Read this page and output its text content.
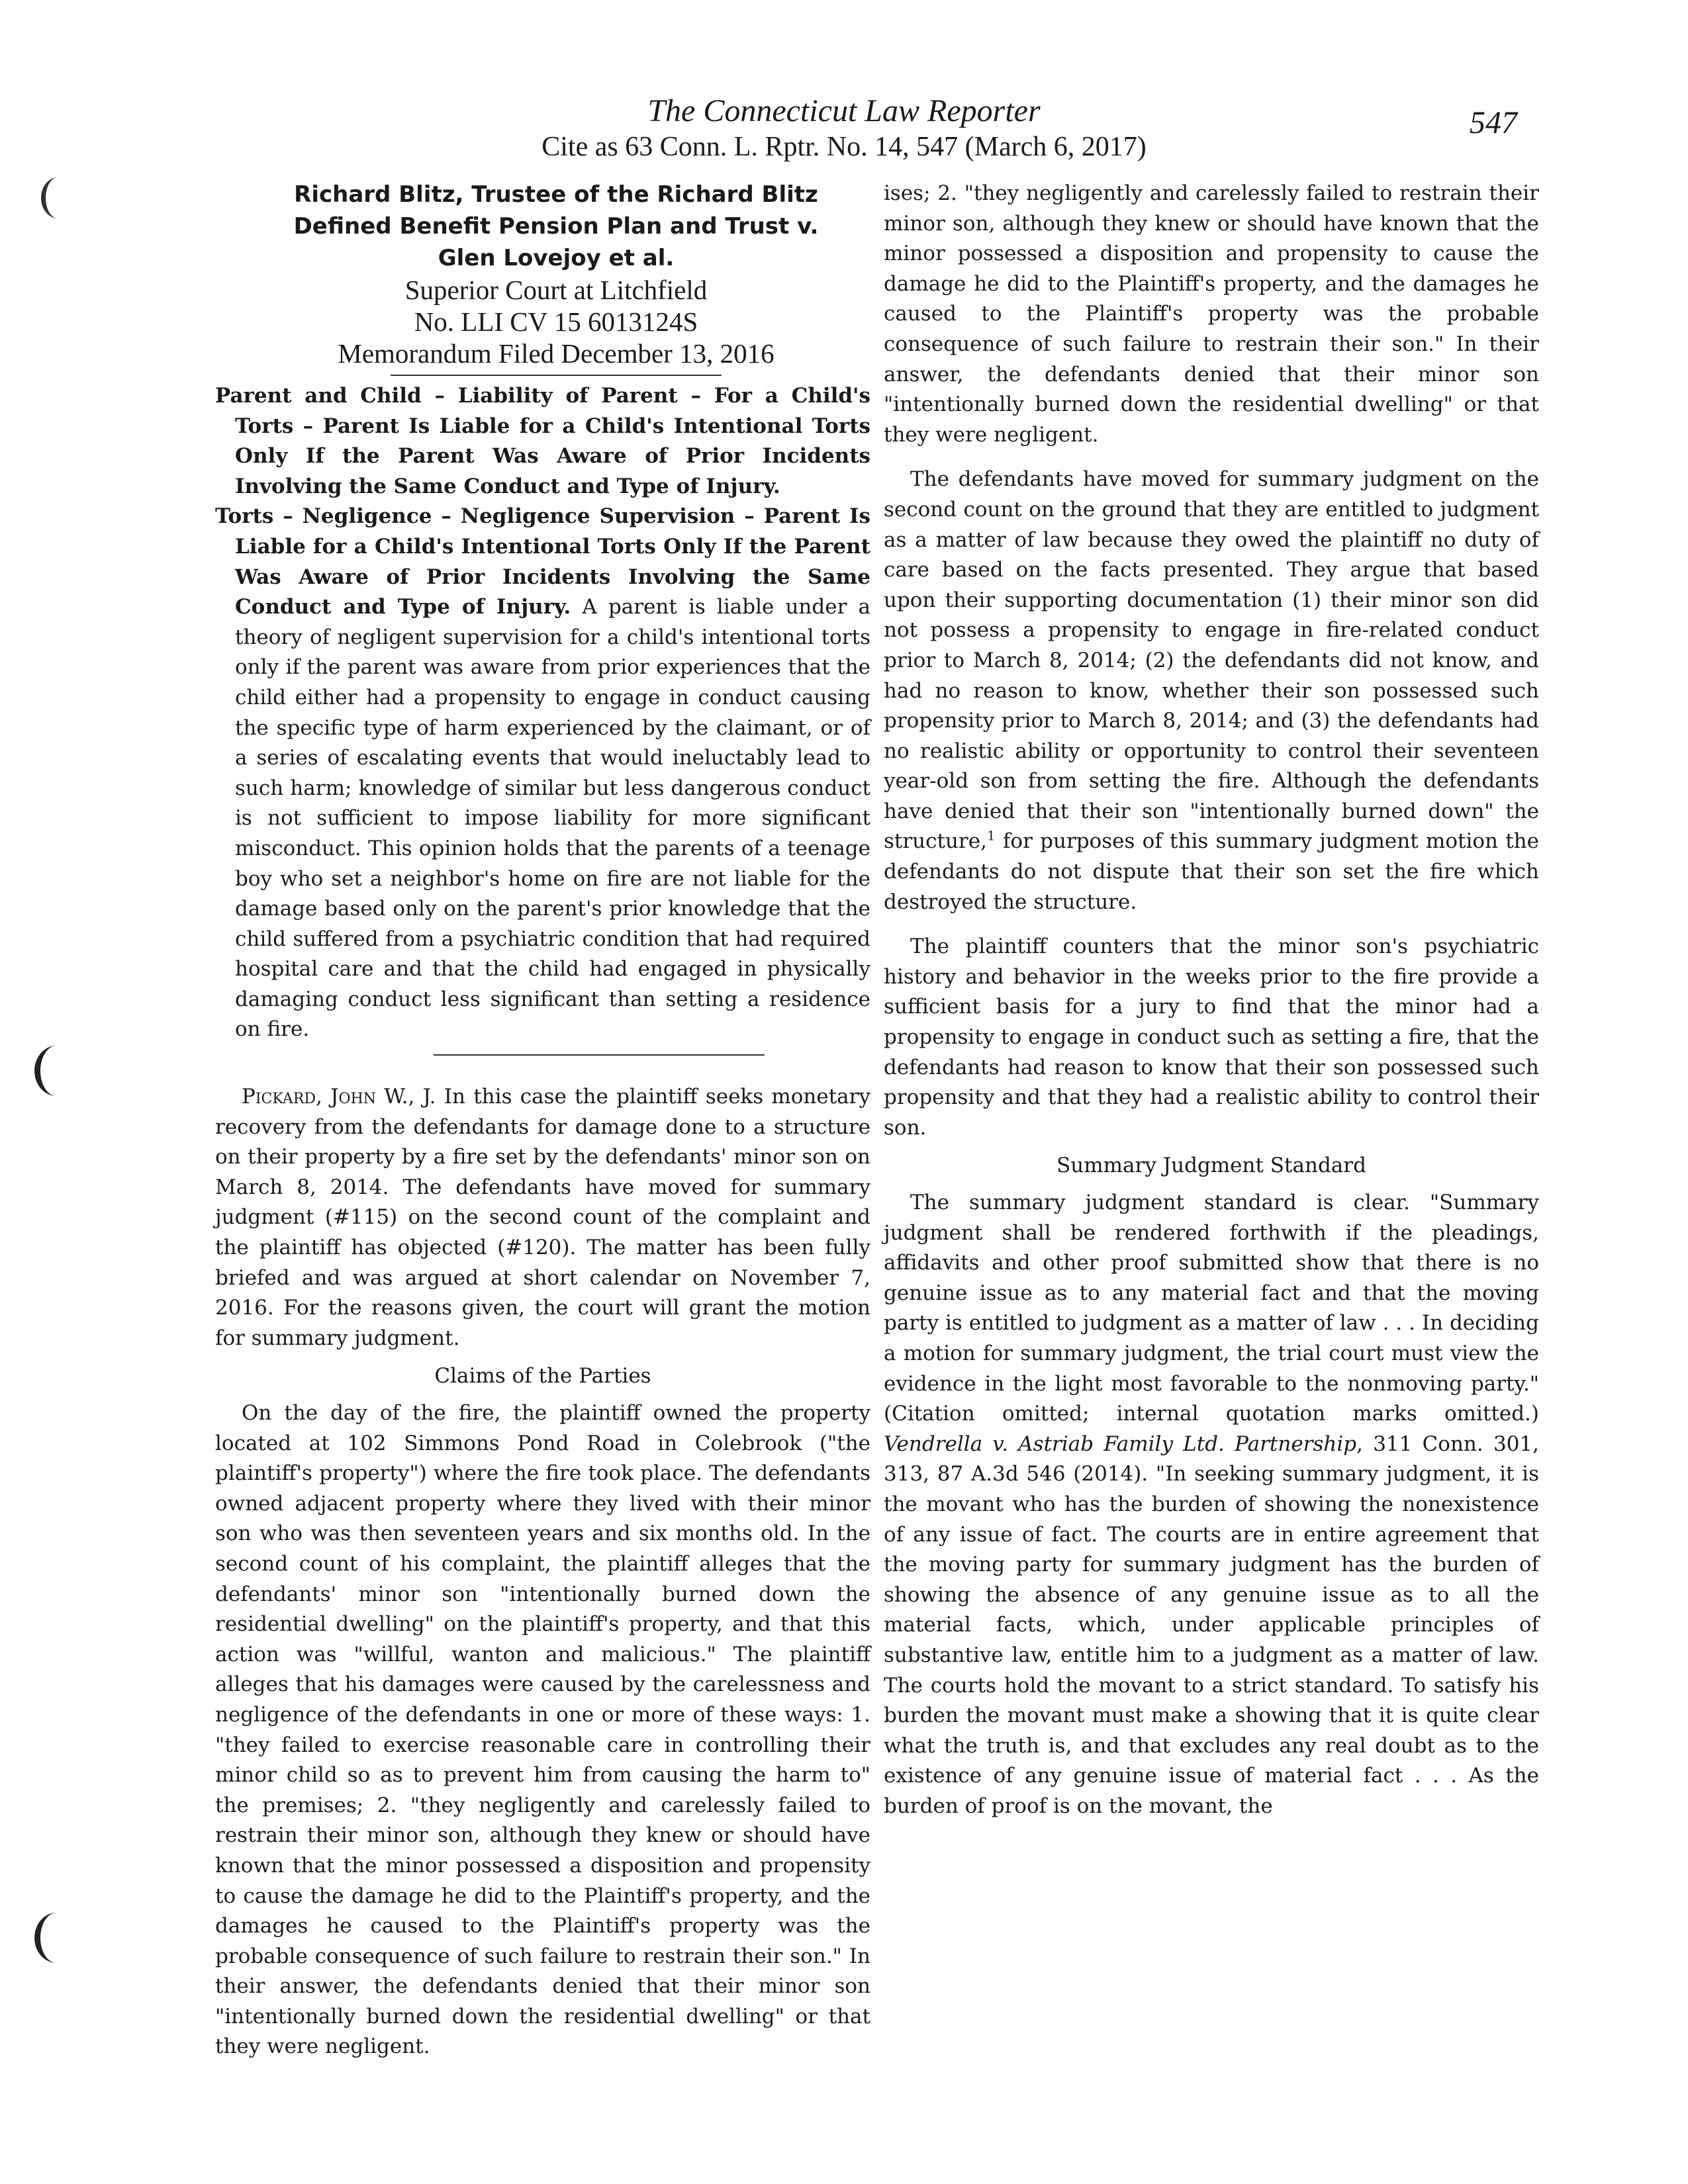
The Connecticut Law Reporter
Cite as 63 Conn. L. Rptr. No. 14, 547 (March 6, 2017)
547
Richard Blitz, Trustee of the Richard Blitz
Defined Benefit Pension Plan and Trust v.
Glen Lovejoy et al.
Superior Court at Litchfield
No. LLI CV 15 6013124S
Memorandum Filed December 13, 2016

Parent and Child – Liability of Parent – For a Child's Torts – Parent Is Liable for a Child's Intentional Torts Only If the Parent Was Aware of Prior Incidents Involving the Same Conduct and Type of Injury.

Torts – Negligence – Negligence Supervision – Parent Is Liable for a Child's Intentional Torts Only If the Parent Was Aware of Prior Incidents Involving the Same Conduct and Type of Injury. A parent is liable under a theory of negligent supervision for a child's intentional torts only if the parent was aware from prior experiences that the child either had a propensity to engage in conduct causing the specific type of harm experienced by the claimant, or of a series of escalating events that would ineluctably lead to such harm; knowledge of similar but less dangerous conduct is not sufficient to impose liability for more significant misconduct. This opinion holds that the parents of a teenage boy who set a neighbor's home on fire are not liable for the damage based only on the parent's prior knowledge that the child suffered from a psychiatric condition that had required hospital care and that the child had engaged in physically damaging conduct less significant than setting a residence on fire.

Pickard, John W., J. In this case the plaintiff seeks monetary recovery from the defendants for damage done to a structure on their property by a fire set by the defendants' minor son on March 8, 2014. The defendants have moved for summary judgment (#115) on the second count of the complaint and the plaintiff has objected (#120). The matter has been fully briefed and was argued at short calendar on November 7, 2016. For the reasons given, the court will grant the motion for summary judgment.

Claims of the Parties

On the day of the fire, the plaintiff owned the property located at 102 Simmons Pond Road in Colebrook ("the plaintiff's property") where the fire took place. The defendants owned adjacent property where they lived with their minor son who was then seventeen years and six months old. In the second count of his complaint, the plaintiff alleges that the defendants' minor son "intentionally burned down the residential dwelling" on the plaintiff's property, and that this action was "willful, wanton and malicious." The plaintiff alleges that his damages were caused by the carelessness and negligence of the defendants in one or more of these ways: 1. "they failed to exercise reasonable care in controlling their minor child so as to prevent him from causing the harm to" the premises; 2. "they negligently and carelessly failed to restrain their minor son, although they knew or should have known that the minor possessed a disposition and propensity to cause the damage he did to the Plaintiff's property, and the damages he caused to the Plaintiff's property was the probable consequence of such failure to restrain their son." In their answer, the defendants denied that their minor son "intentionally burned down the residential dwelling" or that they were negligent.

ises; 2. "they negligently and carelessly failed to restrain their minor son, although they knew or should have known that the minor possessed a disposition and propensity to cause the damage he did to the Plaintiff's property, and the damages he caused to the Plaintiff's property was the probable consequence of such failure to restrain their son." In their answer, the defendants denied that their minor son "intentionally burned down the residential dwelling" or that they were negligent.

The defendants have moved for summary judgment on the second count on the ground that they are entitled to judgment as a matter of law because they owed the plaintiff no duty of care based on the facts presented. They argue that based upon their supporting documentation (1) their minor son did not possess a propensity to engage in fire-related conduct prior to March 8, 2014; (2) the defendants did not know, and had no reason to know, whether their son possessed such propensity prior to March 8, 2014; and (3) the defendants had no realistic ability or opportunity to control their seventeen year-old son from setting the fire. Although the defendants have denied that their son "intentionally burned down" the structure,$^1$ for purposes of this summary judgment motion the defendants do not dispute that their son set the fire which destroyed the structure.

The plaintiff counters that the minor son's psychiatric history and behavior in the weeks prior to the fire provide a sufficient basis for a jury to find that the minor had a propensity to engage in conduct such as setting a fire, that the defendants had reason to know that their son possessed such propensity and that they had a realistic ability to control their son.

Summary Judgment Standard

The summary judgment standard is clear. "Summary judgment shall be rendered forthwith if the pleadings, affidavits and other proof submitted show that there is no genuine issue as to any material fact and that the moving party is entitled to judgment as a matter of law . . . In deciding a motion for summary judgment, the trial court must view the evidence in the light most favorable to the nonmoving party." (Citation omitted; internal quotation marks omitted.) Vendrella v. Astriab Family Ltd. Partnership, 311 Conn. 301, 313, 87 A.3d 546 (2014). "In seeking summary judgment, it is the movant who has the burden of showing the nonexistence of any issue of fact. The courts are in entire agreement that the moving party for summary judgment has the burden of showing the absence of any genuine issue as to all the material facts, which, under applicable principles of substantive law, entitle him to a judgment as a matter of law. The courts hold the movant to a strict standard. To satisfy his burden the movant must make a showing that it is quite clear what the truth is, and that excludes any real doubt as to the existence of any genuine issue of material fact . . . As the burden of proof is on the movant, the
